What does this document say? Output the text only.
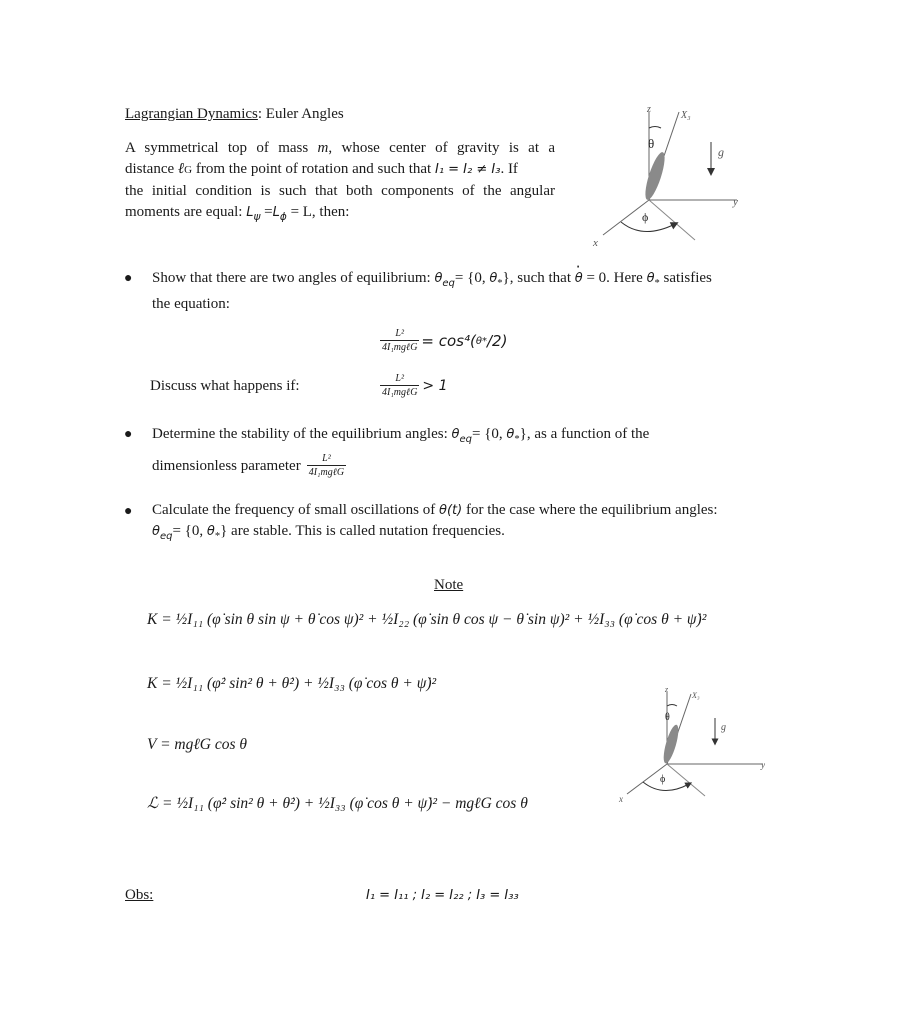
Lagrangian Dynamics: Euler Angles
A symmetrical top of mass m, whose center of gravity is at a
distance ℓG from the point of rotation and such that I₁ = I₂ ≠ I₃. If
the initial condition is such that both components of the angular
moments are equal: $L_\psi =L_\phi = L$, then:
z
X₃
θ
g
y
x
ϕ
● Show that there are two angles of equilibrium: $\theta_{eq}= \{0$, $\theta_*$}, such that · θ = 0. Here $\theta_*$ satisfies
the equation:
$\frac{\text{L²}}{\text{4I₁mgℓG}} = \cos^4$( θ* /2)
Discuss what happens if:	$\frac{\text{L²}}{\text{4I₁mgℓG}} > 1$
● Determine the stability of the equilibrium angles: $\theta_{eq}= \{0$, $\theta_*$}, as a function of the
dimensionless parameter $\frac{\text{L²}}{\text{4I₁mgℓG}}$
● Calculate the frequency of small oscillations of θ(t) for the case where the equilibrium angles:
$\theta_{eq}= \{0$, $\theta_*$} are stable. This is called nutation frequencies.
Note
K = ½I₁₁ (φ̇ sin θ sin ψ + θ̇ cos ψ)² + ½I₂₂ (φ̇ sin θ cos ψ − θ̇ sin ψ)² + ½I₃₃ (φ̇ cos θ + ψ̇)²
K = ½I₁₁ (φ̇² sin² θ + θ̇²) + ½I₃₃ (φ̇ cos θ + ψ̇)²
V = mgℓG cos θ
ℒ = ½I₁₁ (φ̇² sin² θ + θ̇²) + ½I₃₃ (φ̇ cos θ + ψ̇)² − mgℓG cos θ
z
X₃
θ
g
y
x
ϕ
Obs:	I₁ = I₁₁ ; I₂ = I₂₂ ; I₃ = I₃₃
